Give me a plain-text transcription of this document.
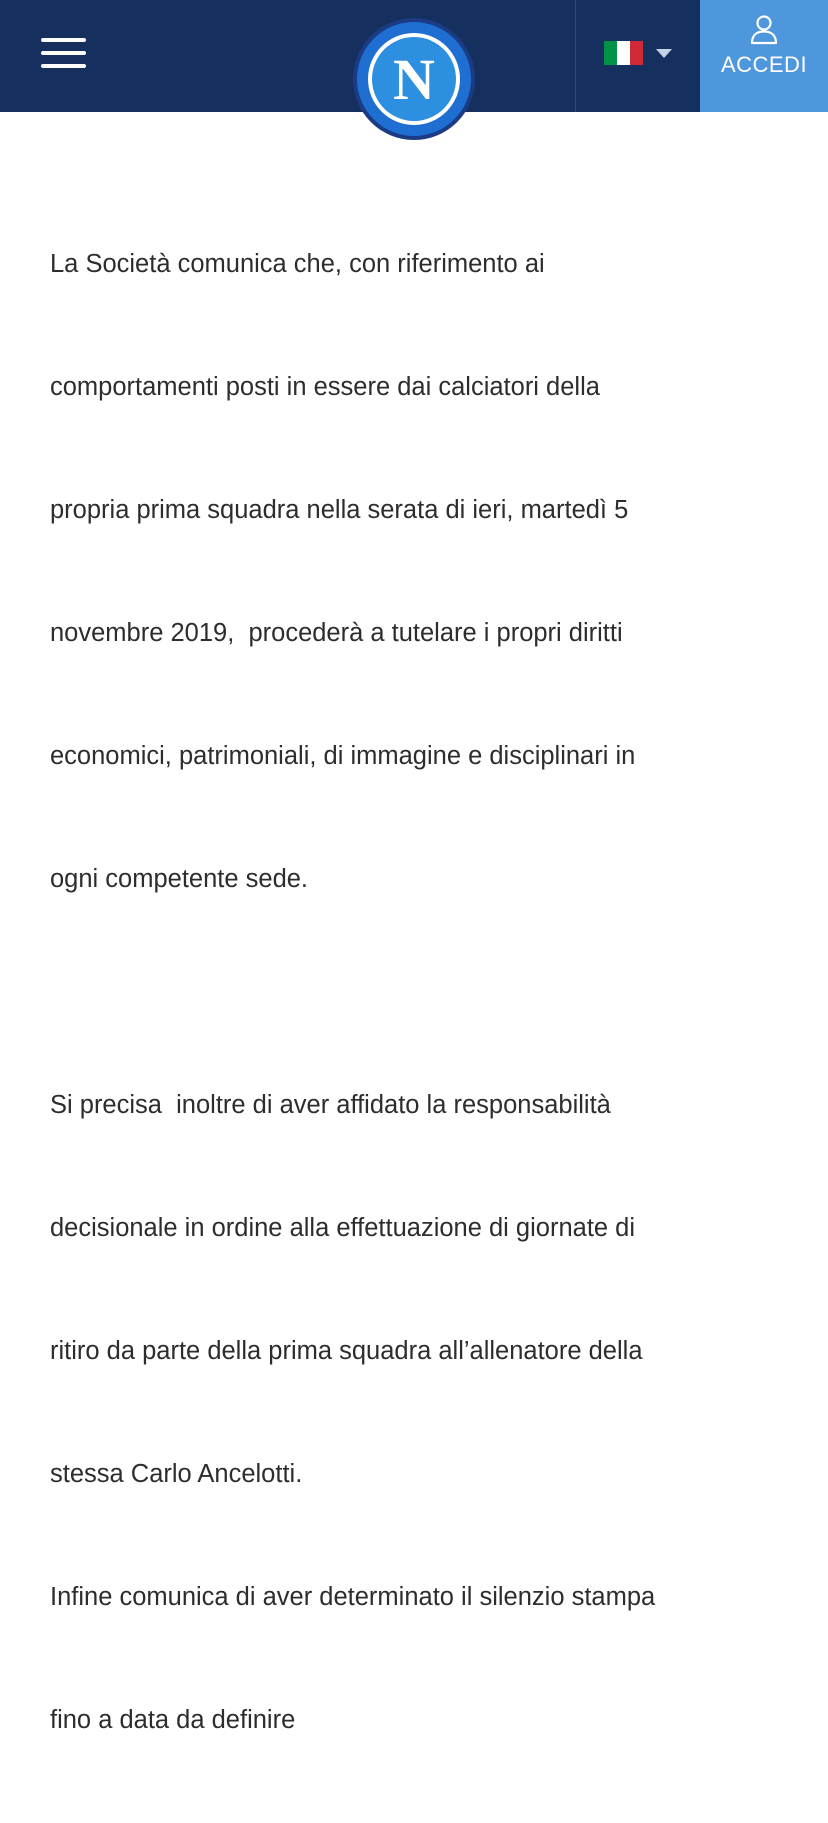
ACCEDI
N

La Società comunica che, con riferimento ai

comportamenti posti in essere dai calciatori della

propria prima squadra nella serata di ieri, martedì 5

novembre 2019,  procederà a tutelare i propri diritti

economici, patrimoniali, di immagine e disciplinari in

ogni competente sede.

Si precisa  inoltre di aver affidato la responsabilità

decisionale in ordine alla effettuazione di giornate di

ritiro da parte della prima squadra all’allenatore della

stessa Carlo Ancelotti.

Infine comunica di aver determinato il silenzio stampa

fino a data da definire
